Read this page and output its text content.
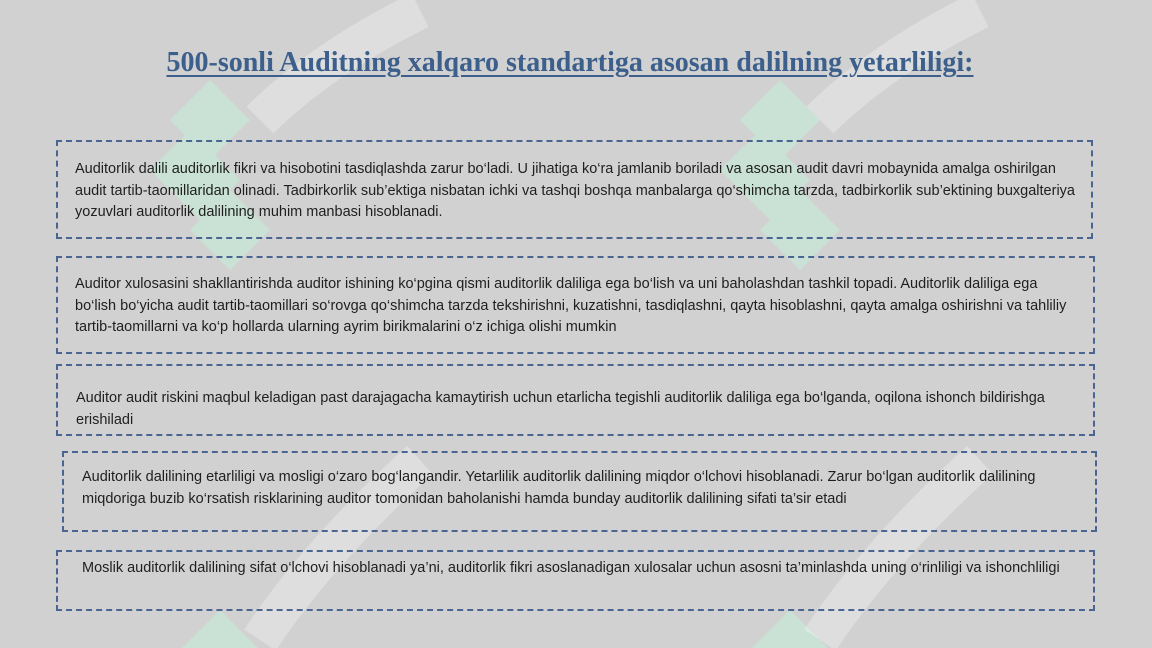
500-sonli Auditning xalqaro standartiga asosan dalilning yetarliligi:

Auditorlik dalili auditorlik fikri va hisobotini tasdiqlashda zarur bo‘ladi. U jihatiga ko‘ra jamlanib boriladi va asosan audit davri mobaynida amalga oshirilgan audit tartib-taomillaridan olinadi. Tadbirkorlik sub’ektiga nisbatan ichki va tashqi boshqa manbalarga qo‘shimcha tarzda, tadbirkorlik sub’ektining buxgalteriya yozuvlari auditorlik dalilining muhim manbasi hisoblanadi.

Auditor xulosasini shakllantirishda auditor ishining ko‘pgina qismi auditorlik daliliga ega bo‘lish va uni baholashdan tashkil topadi. Auditorlik daliliga ega bo‘lish bo‘yicha audit tartib-taomillari so‘rovga qo‘shimcha tarzda tekshirishni, kuzatishni, tasdiqlashni, qayta hisoblashni, qayta amalga oshirishni va tahliliy tartib-taomillarni va ko‘p hollarda ularning ayrim birikmalarini o‘z ichiga olishi mumkin

Auditor audit riskini maqbul keladigan past darajagacha kamaytirish uchun etarlicha tegishli auditorlik daliliga ega bo‘lganda, oqilona ishonch bildirishga erishiladi

Auditorlik dalilining etarliligi va mosligi o‘zaro bog‘langandir. Yetarlilik auditorlik dalilining miqdor o‘lchovi hisoblanadi. Zarur bo‘lgan auditorlik dalilining miqdoriga buzib ko‘rsatish risklarining auditor tomonidan baholanishi hamda bunday auditorlik dalilining sifati ta’sir etadi

Moslik auditorlik dalilining sifat o‘lchovi hisoblanadi ya’ni, auditorlik fikri asoslanadigan xulosalar uchun asosni ta’minlashda uning o‘rinliligi va ishonchliligi
